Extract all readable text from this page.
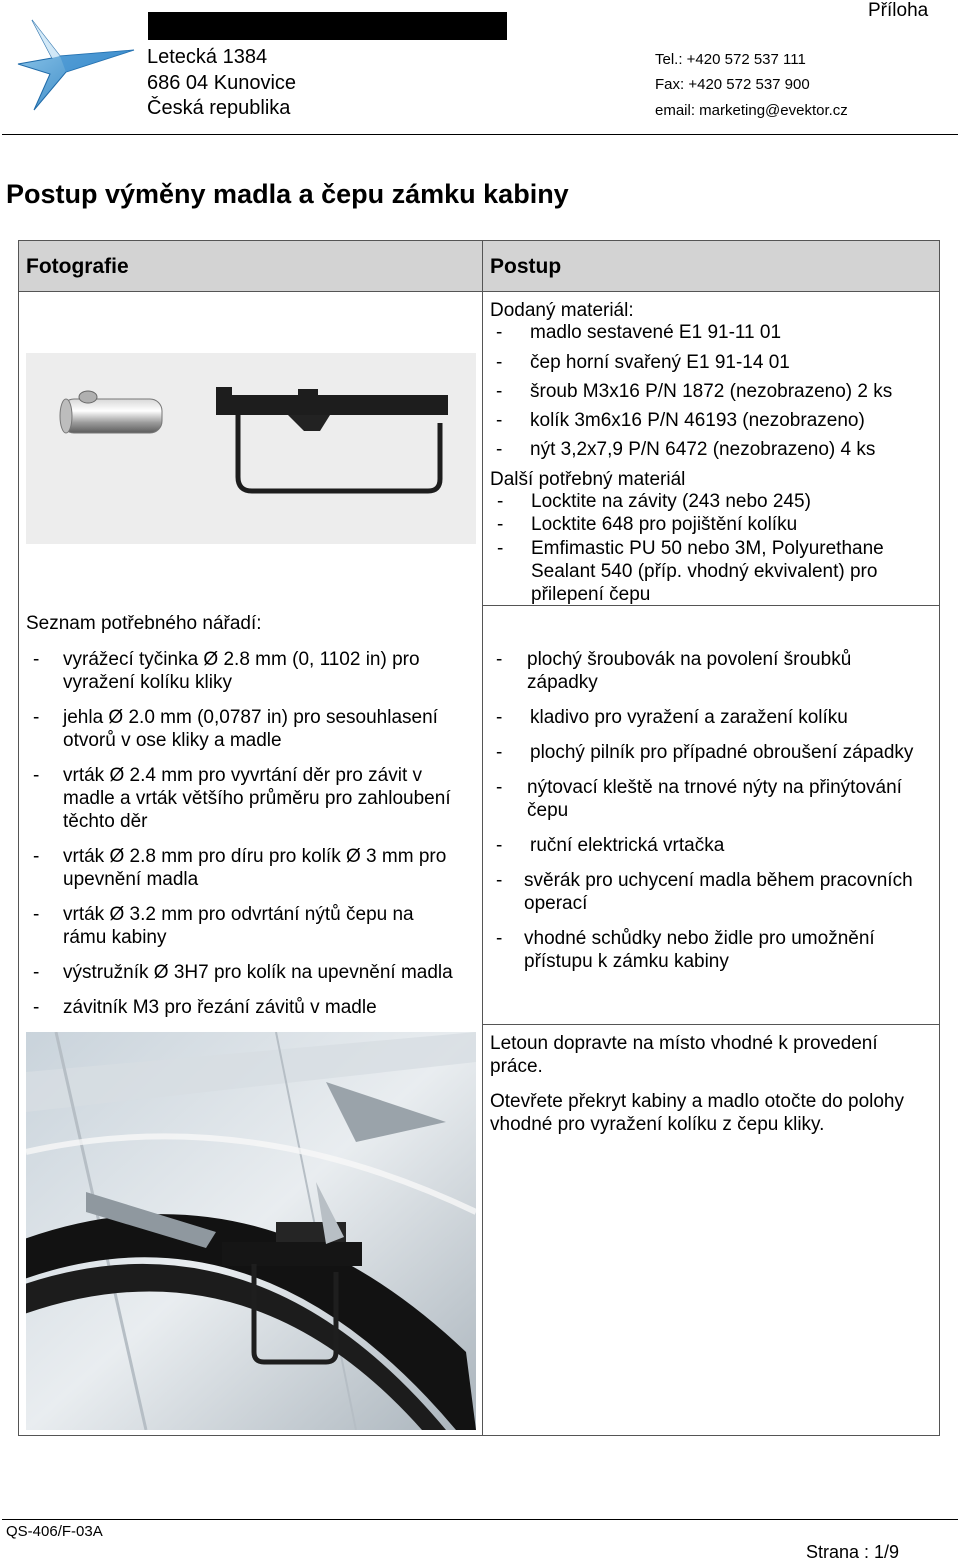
EVEKTOR - AEROTECHNIK a.s.
Letecká 1384
686 04 Kunovice
Česká republika
Tel.: +420 572 537 111
Fax: +420 572 537 900
email: marketing@evektor.cz
Příloha
Postup výměny madla a čepu zámku kabiny
Fotografie	Postup
Dodaný materiál:
- madlo sestavené E1 91-11 01
- čep horní svařený E1 91-14 01
- šroub M3x16 P/N 1872 (nezobrazeno) 2 ks
- kolík 3m6x16 P/N 46193 (nezobrazeno)
- nýt 3,2x7,9 P/N 6472 (nezobrazeno) 4 ks
Další potřebný materiál
- Locktite na závity (243 nebo 245)
- Locktite 648 pro pojištění kolíku
- Emfimastic PU 50 nebo 3M, Polyurethane Sealant 540 (příp. vhodný ekvivalent) pro přilepení čepu
Seznam potřebného nářadí:
- vyrážecí tyčinka Ø 2.8 mm (0, 1102 in) pro vyražení kolíku kliky
- jehla Ø 2.0 mm (0,0787 in) pro sesouhlasení otvorů v ose kliky a madle
- vrták Ø 2.4 mm pro vyvrtání děr pro závit v madle a vrták většího průměru pro zahloubení těchto děr
- vrták Ø 2.8 mm pro díru pro kolík Ø 3 mm pro upevnění madla
- vrták Ø 3.2 mm pro odvrtání nýtů čepu na rámu kabiny
- výstružník Ø 3H7 pro kolík na upevnění madla
- závitník M3 pro řezání závitů v madle
- plochý šroubovák na povolení šroubků západky
- kladivo pro vyražení a zaražení kolíku
- plochý pilník pro případné obroušení západky
- nýtovací kleště na trnové nýty na přinýtování čepu
- ruční elektrická vrtačka
- svěrák pro uchycení madla během pracovních operací
- vhodné schůdky nebo židle pro umožnění přístupu k zámku kabiny
Letoun dopravte na místo vhodné k provedení práce.
Otevřete překryt kabiny a madlo otočte do polohy vhodné pro vyražení kolíku z čepu kliky.
QS-406/F-03A
Strana : 1/9
